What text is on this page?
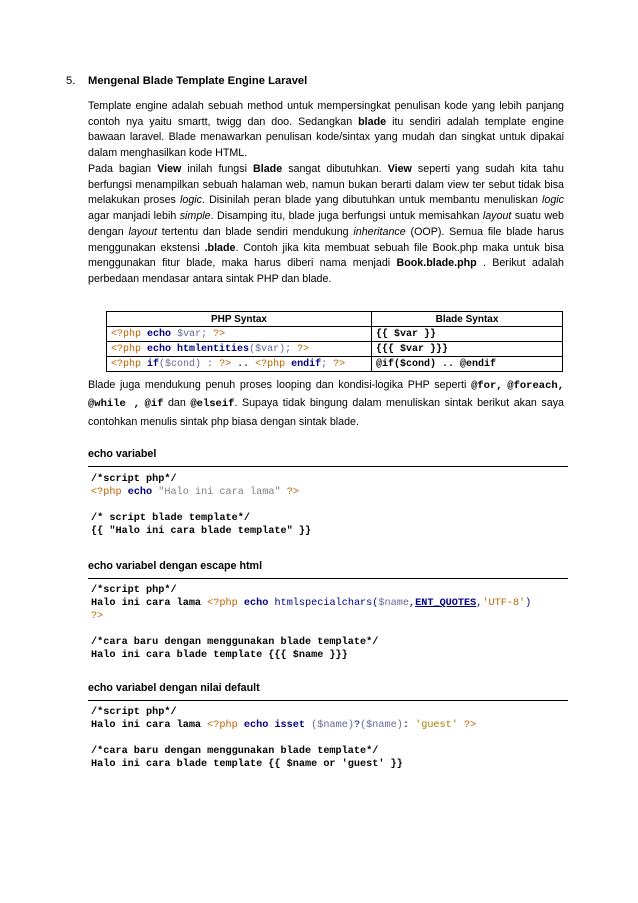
5. Mengenal Blade Template Engine Laravel
Template engine adalah sebuah method untuk mempersingkat penulisan kode yang lebih panjang contoh nya yaitu smartt, twigg dan doo. Sedangkan blade itu sendiri adalah template engine bawaan laravel. Blade menawarkan penulisan kode/sintax yang mudah dan singkat untuk dipakai dalam menghasilkan kode HTML.
Pada bagian View inilah fungsi Blade sangat dibutuhkan. View seperti yang sudah kita tahu berfungsi menampilkan sebuah halaman web, namun bukan berarti dalam view ter sebut tidak bisa melakukan proses logic. Disinilah peran blade yang dibutuhkan untuk membantu menuliskan logic agar manjadi lebih simple. Disamping itu, blade juga berfungsi untuk memisahkan layout suatu web dengan layout tertentu dan blade sendiri mendukung inheritance (OOP). Semua file blade harus menggunakan ekstensi .blade. Contoh jika kita membuat sebuah file Book.php maka untuk bisa menggunakan fitur blade, maka harus diberi nama menjadi Book.blade.php . Berikut adalah perbedaan mendasar antara sintak PHP dan blade.
PHP Syntax	Blade Syntax
<?php echo $var; ?>	{{ $var }}
<?php echo htmlentities($var); ?>	{{{ $var }}}
<?php if($cond) : ?> .. <?php endif; ?>	@if($cond) .. @endif
Blade juga mendukung penuh proses looping dan kondisi-logika PHP seperti @for, @foreach, @while , @if dan @elseif. Supaya tidak bingung dalam menuliskan sintak berikut akan saya contohkan menulis sintak php biasa dengan sintak blade.
echo variabel
/*script php*/
<?php echo "Halo ini cara lama" ?>

/* script blade template*/
{{ "Halo ini cara blade template" }}
echo variabel dengan escape html
/*script php*/
Halo ini cara lama <?php echo htmlspecialchars($name,ENT_QUOTES,'UTF-8')
?>

/*cara baru dengan menggunakan blade template*/
Halo ini cara blade template {{{ $name }}}
echo variabel dengan nilai default
/*script php*/
Halo ini cara lama <?php echo isset ($name)?($name): 'guest' ?>

/*cara baru dengan menggunakan blade template*/
Halo ini cara blade template {{ $name or 'guest' }}
